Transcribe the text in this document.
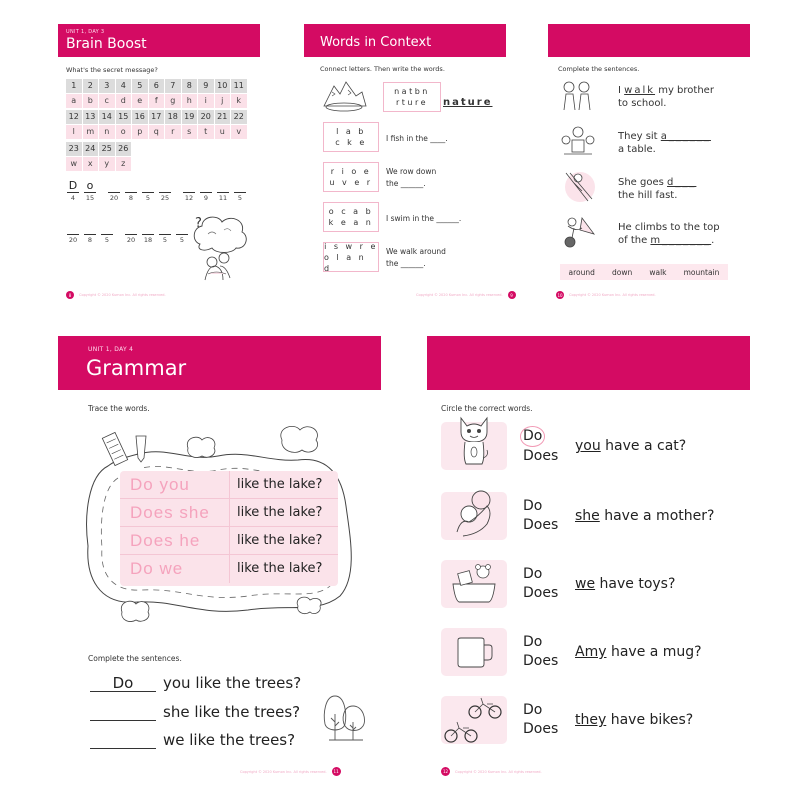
UNIT 1, DAY 3
Brain Boost
What's the secret message?
1	2	3	4	5	6	7	8	9	10 11
a	b	c	d	e	f	g	h	i	j	k
12 13 14 15 16 17 18 19 20 21 22
l	m	n	o	p	q	r	s	t	u	v
23 24 25 26
w	x	y	z
D
4
o
15 20 8 5 25 12 9 11 5
20 8 5	20 18 5 5
?
8	Copyright © 2020 Kumon Inc. All rights reserved.
Words in Context
Connect letters. Then write the words.
natbn
rture nature
l a b
c k e	I fish in the ____.
r i o e
u v e r
We row down
the ______.
o c a b
k e a n I swim in the ______.
i s w r e
o l a n d
We walk around
the ______.
Copyright © 2020 Kumon Inc. All rights reserved.	9
Complete the sentences.
I walk my brother
to school.
They sit a______
a table.
She goes d___
the hill fast.
He climbs to the top
of the m_______.
around down walk mountain
10	Copyright © 2020 Kumon Inc. All rights reserved.
UNIT 1, DAY 4
Grammar
Trace the words.
Do you	like the lake?
Does she	like the lake?
Does he	like the lake?
Do we	like the lake?
Complete the sentences.
Do	you like the trees?
she like the trees?
we like the trees?
Copyright © 2020 Kumon Inc. All rights reserved.	11
Circle the correct words.
Do
Does
you have a cat?
Do
Does
she have a mother?
Do
Does
we have toys?
Do
Does
Amy have a mug?
Do
Does
they have bikes?
12	Copyright © 2020 Kumon Inc. All rights reserved.
